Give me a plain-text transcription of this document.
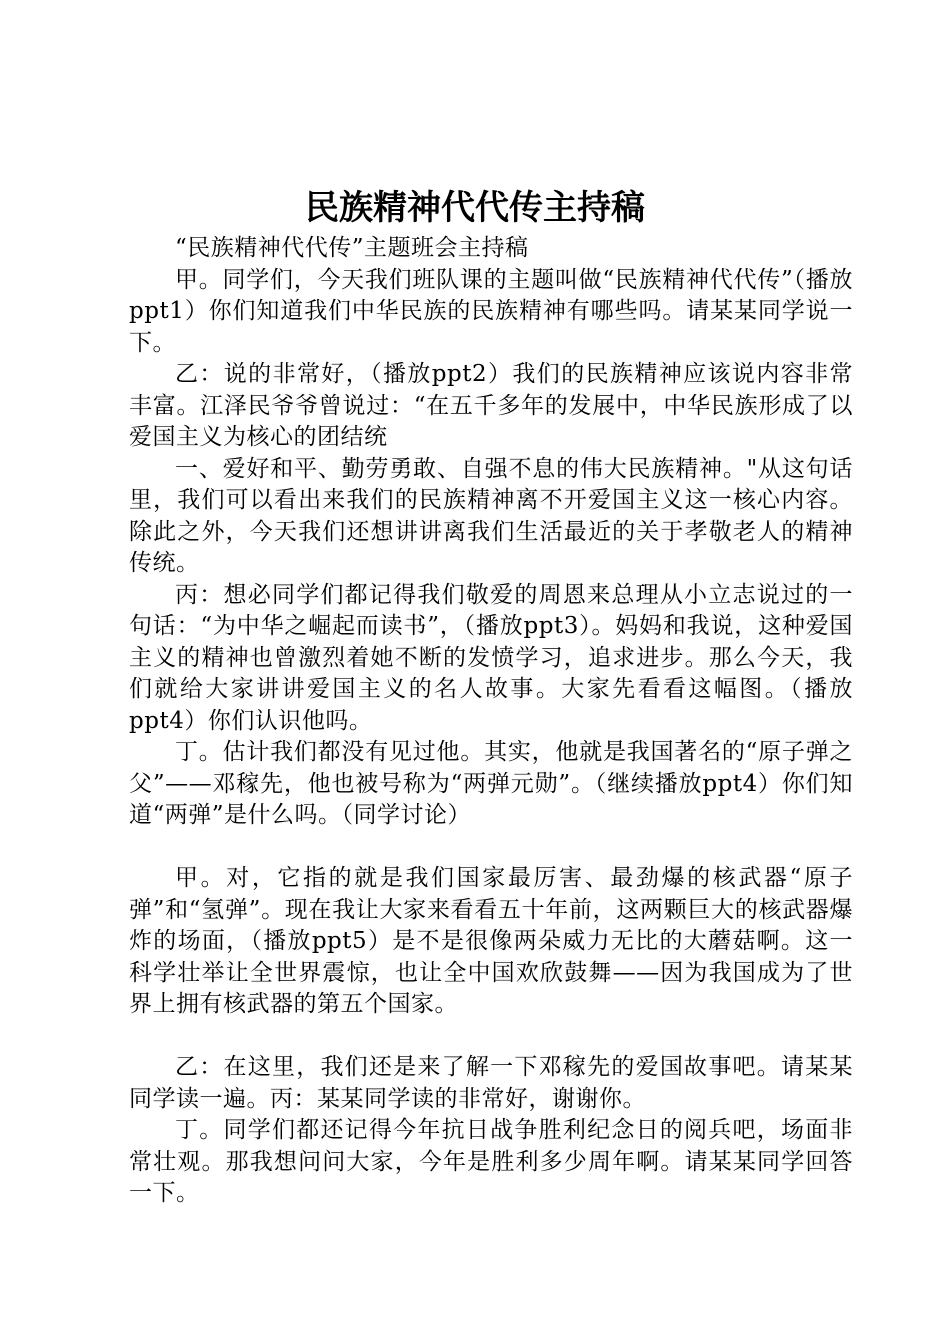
民族精神代代传主持稿

“民族精神代代传”主题班会主持稿

甲。同学们，今天我们班队课的主题叫做“民族精神代代传”（播放ppt1）你们知道我们中华民族的民族精神有哪些吗。请某某同学说一下。

乙：说的非常好，（播放ppt2）我们的民族精神应该说内容非常丰富。江泽民爷爷曾说过：“在五千多年的发展中，中华民族形成了以爱国主义为核心的团结统

一、爱好和平、勤劳勇敢、自强不息的伟大民族精神。"从这句话里，我们可以看出来我们的民族精神离不开爱国主义这一核心内容。除此之外，今天我们还想讲讲离我们生活最近的关于孝敬老人的精神传统。

丙：想必同学们都记得我们敬爱的周恩来总理从小立志说过的一句话：“为中华之崛起而读书”，（播放ppt3）。妈妈和我说，这种爱国主义的精神也曾激烈着她不断的发愤学习，追求进步。那么今天，我们就给大家讲讲爱国主义的名人故事。大家先看看这幅图。（播放ppt4）你们认识他吗。

丁。估计我们都没有见过他。其实，他就是我国著名的“原子弹之父”——邓稼先，他也被号称为“两弹元勋”。（继续播放ppt4）你们知道“两弹”是什么吗。（同学讨论）

甲。对，它指的就是我们国家最厉害、最劲爆的核武器“原子弹”和“氢弹”。现在我让大家来看看五十年前，这两颗巨大的核武器爆炸的场面，（播放ppt5）是不是很像两朵威力无比的大蘑菇啊。这一科学壮举让全世界震惊，也让全中国欢欣鼓舞——因为我国成为了世界上拥有核武器的第五个国家。

乙：在这里，我们还是来了解一下邓稼先的爱国故事吧。请某某同学读一遍。丙：某某同学读的非常好，谢谢你。

丁。同学们都还记得今年抗日战争胜利纪念日的阅兵吧，场面非常壮观。那我想问问大家，今年是胜利多少周年啊。请某某同学回答一下。
